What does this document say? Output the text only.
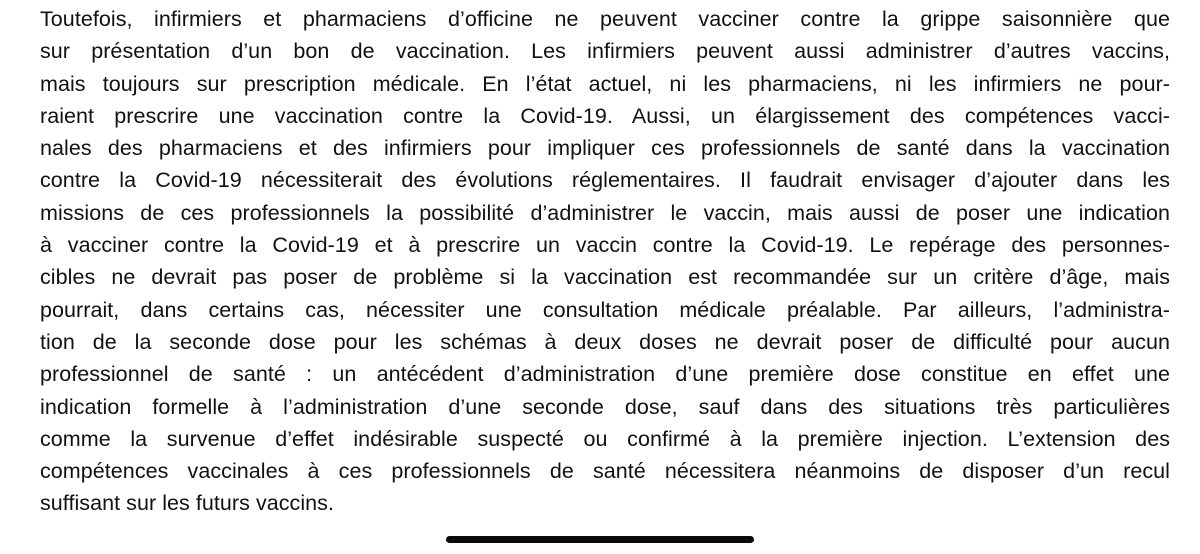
Toutefois, infirmiers et pharmaciens d’officine ne peuvent vacciner contre la grippe saisonnière que
sur présentation d’un bon de vaccination. Les infirmiers peuvent aussi administrer d’autres vaccins,
mais toujours sur prescription médicale. En l’état actuel, ni les pharmaciens, ni les infirmiers ne pour-
raient prescrire une vaccination contre la Covid-19. Aussi, un élargissement des compétences vacci-
nales des pharmaciens et des infirmiers pour impliquer ces professionnels de santé dans la vaccination
contre la Covid-19 nécessiterait des évolutions réglementaires. Il faudrait envisager d’ajouter dans les
missions de ces professionnels la possibilité d’administrer le vaccin, mais aussi de poser une indication
à vacciner contre la Covid-19 et à prescrire un vaccin contre la Covid-19. Le repérage des personnes-
cibles ne devrait pas poser de problème si la vaccination est recommandée sur un critère d’âge, mais
pourrait, dans certains cas, nécessiter une consultation médicale préalable. Par ailleurs, l’administra-
tion de la seconde dose pour les schémas à deux doses ne devrait poser de difficulté pour aucun
professionnel de santé : un antécédent d’administration d’une première dose constitue en effet une
indication formelle à l’administration d’une seconde dose, sauf dans des situations très particulières
comme la survenue d’effet indésirable suspecté ou confirmé à la première injection. L’extension des
compétences vaccinales à ces professionnels de santé nécessitera néanmoins de disposer d’un recul
suffisant sur les futurs vaccins.
